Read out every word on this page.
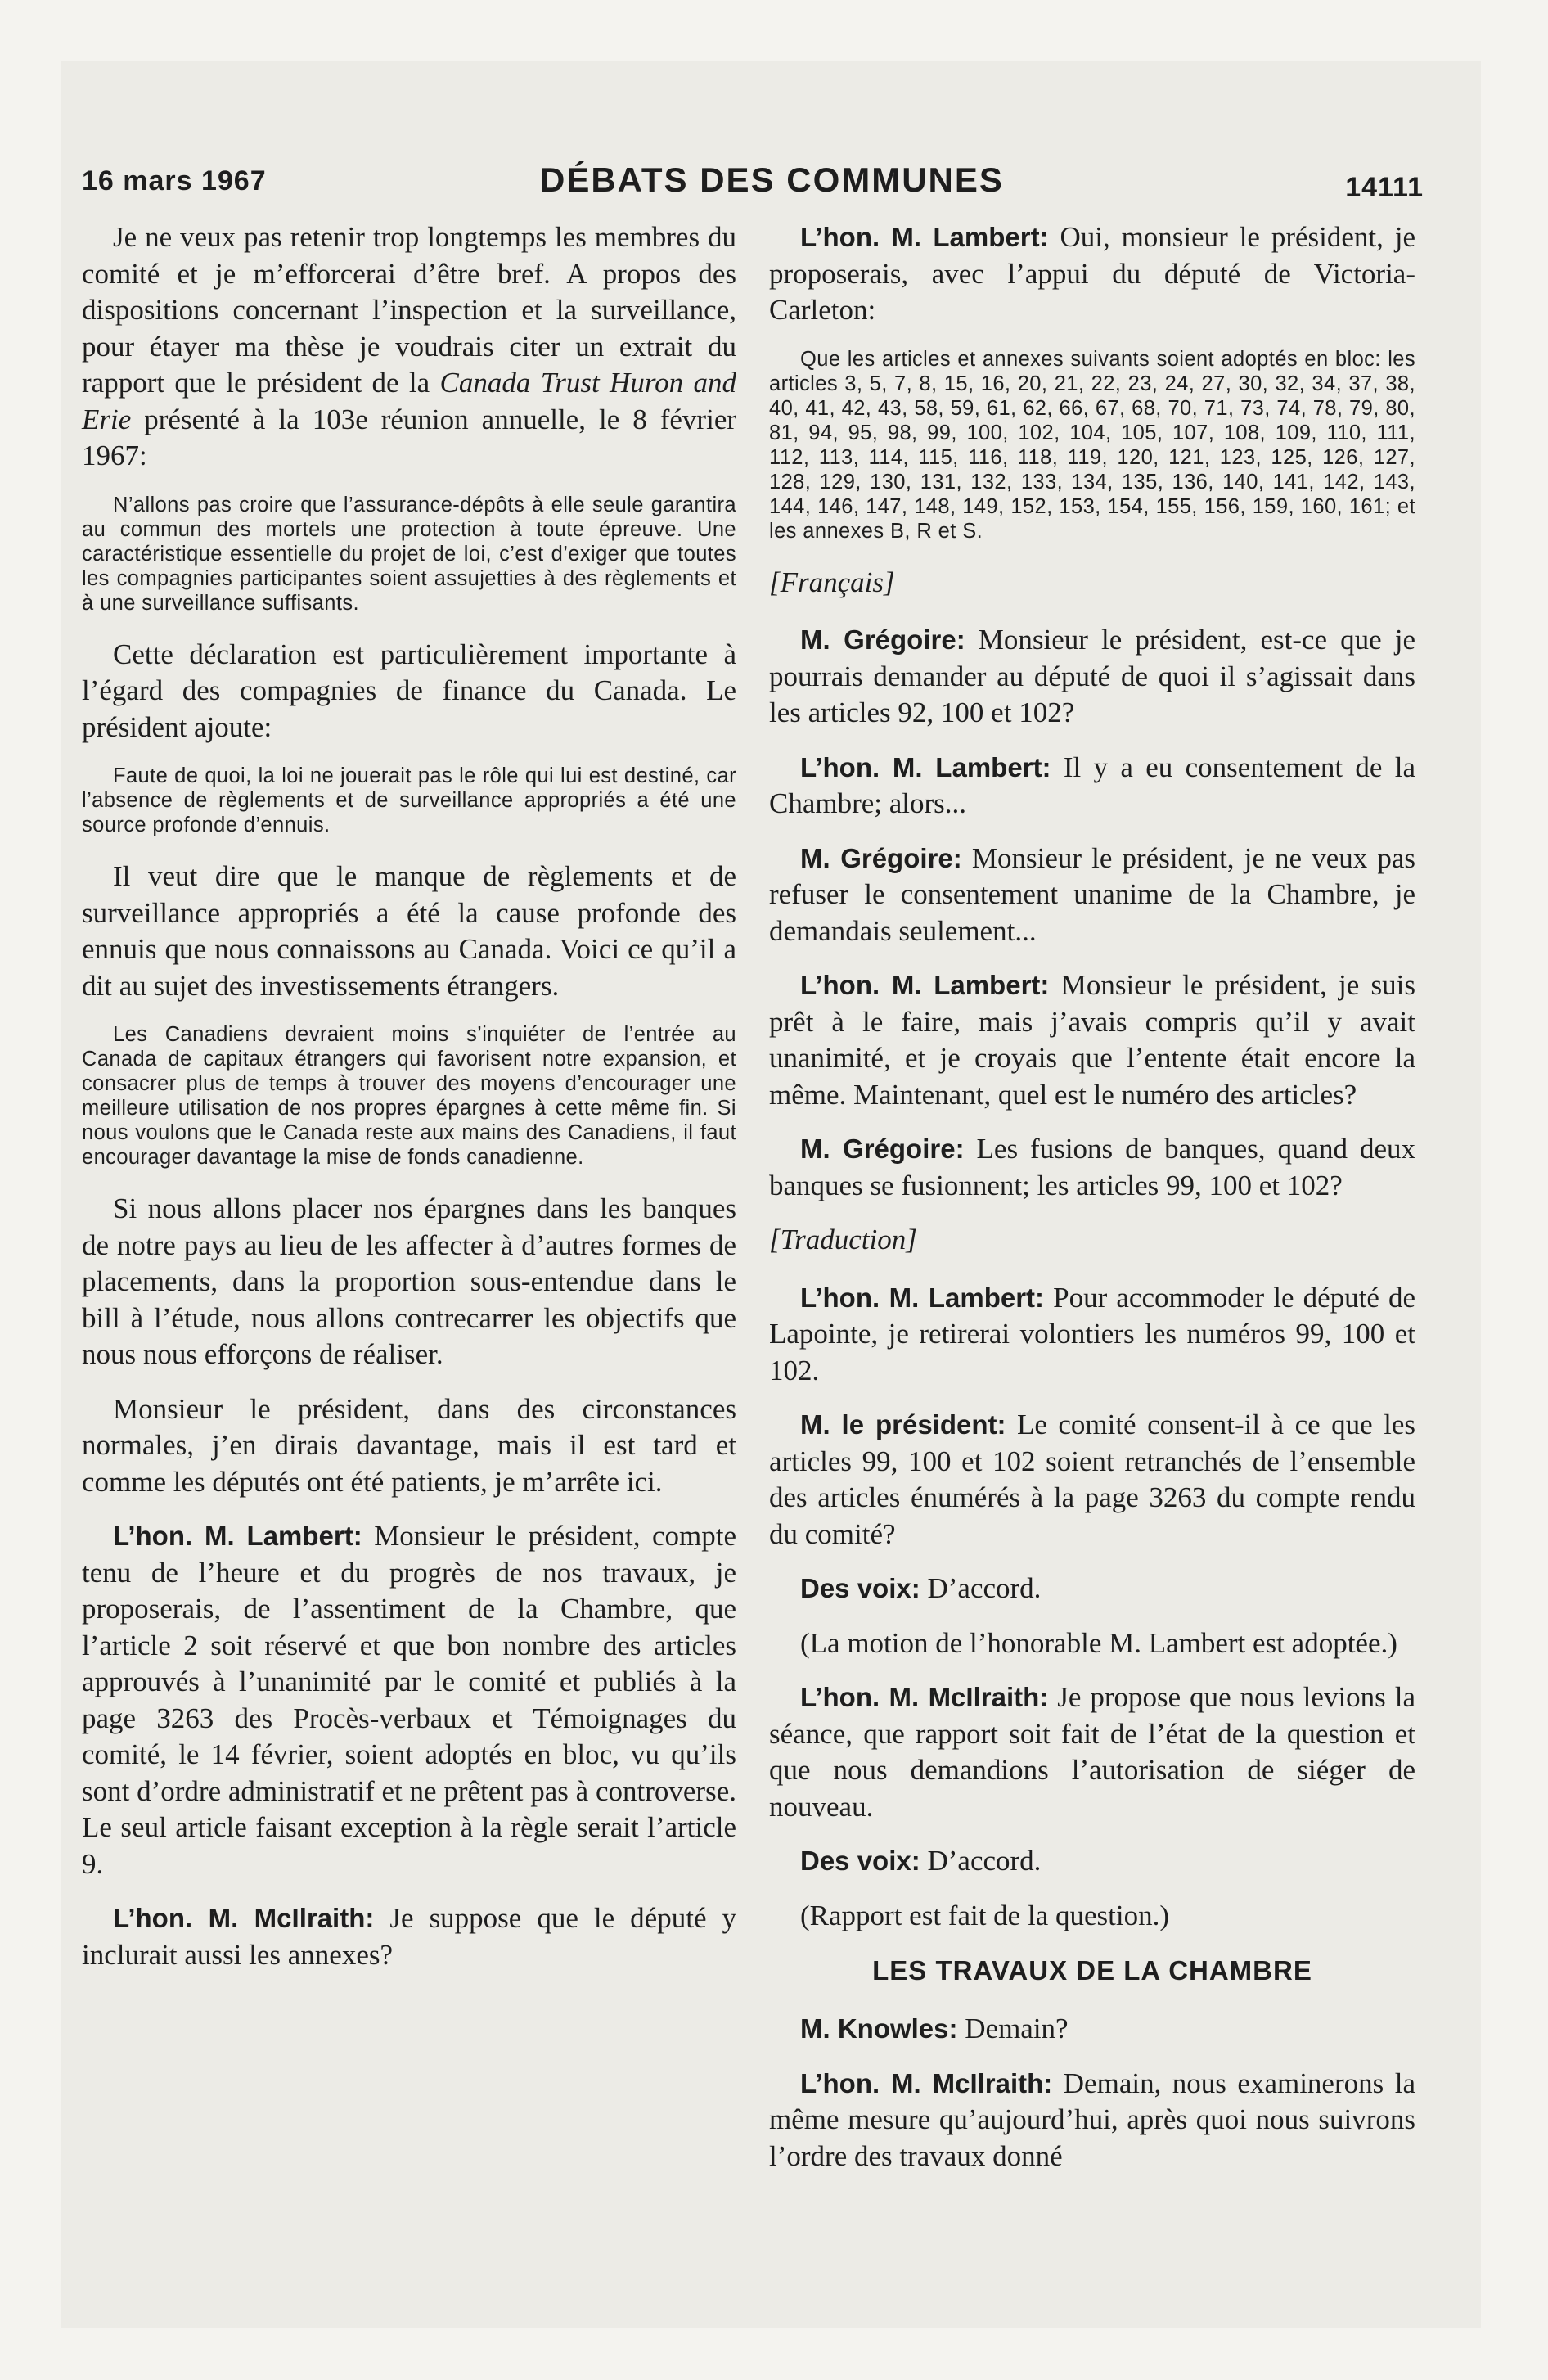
16 mars 1967	DÉBATS DES COMMUNES	14111

Je ne veux pas retenir trop longtemps les membres du comité et je m’efforcerai d’être bref. A propos des dispositions concernant l’inspection et la surveillance, pour étayer ma thèse je voudrais citer un extrait du rapport que le président de la Canada Trust Huron and Erie présenté à la 103e réunion annuelle, le 8 février 1967:

N’allons pas croire que l’assurance-dépôts à elle seule garantira au commun des mortels une protection à toute épreuve. Une caractéristique essentielle du projet de loi, c’est d’exiger que toutes les compagnies participantes soient assujetties à des règlements et à une surveillance suffisants.

Cette déclaration est particulièrement importante à l’égard des compagnies de finance du Canada. Le président ajoute:

Faute de quoi, la loi ne jouerait pas le rôle qui lui est destiné, car l’absence de règlements et de surveillance appropriés a été une source profonde d’ennuis.

Il veut dire que le manque de règlements et de surveillance appropriés a été la cause profonde des ennuis que nous connaissons au Canada. Voici ce qu’il a dit au sujet des investissements étrangers.

Les Canadiens devraient moins s’inquiéter de l’entrée au Canada de capitaux étrangers qui favorisent notre expansion, et consacrer plus de temps à trouver des moyens d’encourager une meilleure utilisation de nos propres épargnes à cette même fin. Si nous voulons que le Canada reste aux mains des Canadiens, il faut encourager davantage la mise de fonds canadienne.

Si nous allons placer nos épargnes dans les banques de notre pays au lieu de les affecter à d’autres formes de placements, dans la proportion sous-entendue dans le bill à l’étude, nous allons contrecarrer les objectifs que nous nous efforçons de réaliser.

Monsieur le président, dans des circonstances normales, j’en dirais davantage, mais il est tard et comme les députés ont été patients, je m’arrête ici.

L’hon. M. Lambert: Monsieur le président, compte tenu de l’heure et du progrès de nos travaux, je proposerais, de l’assentiment de la Chambre, que l’article 2 soit réservé et que bon nombre des articles approuvés à l’unanimité par le comité et publiés à la page 3263 des Procès-verbaux et Témoignages du comité, le 14 février, soient adoptés en bloc, vu qu’ils sont d’ordre administratif et ne prêtent pas à controverse. Le seul article faisant exception à la règle serait l’article 9.

L’hon. M. McIlraith: Je suppose que le député y inclurait aussi les annexes?

L’hon. M. Lambert: Oui, monsieur le président, je proposerais, avec l’appui du député de Victoria-Carleton:

Que les articles et annexes suivants soient adoptés en bloc: les articles 3, 5, 7, 8, 15, 16, 20, 21, 22, 23, 24, 27, 30, 32, 34, 37, 38, 40, 41, 42, 43, 58, 59, 61, 62, 66, 67, 68, 70, 71, 73, 74, 78, 79, 80, 81, 94, 95, 98, 99, 100, 102, 104, 105, 107, 108, 109, 110, 111, 112, 113, 114, 115, 116, 118, 119, 120, 121, 123, 125, 126, 127, 128, 129, 130, 131, 132, 133, 134, 135, 136, 140, 141, 142, 143, 144, 146, 147, 148, 149, 152, 153, 154, 155, 156, 159, 160, 161; et les annexes B, R et S.

[Français]

M. Grégoire: Monsieur le président, est-ce que je pourrais demander au député de quoi il s’agissait dans les articles 92, 100 et 102?

L’hon. M. Lambert: Il y a eu consentement de la Chambre; alors...

M. Grégoire: Monsieur le président, je ne veux pas refuser le consentement unanime de la Chambre, je demandais seulement...

L’hon. M. Lambert: Monsieur le président, je suis prêt à le faire, mais j’avais compris qu’il y avait unanimité, et je croyais que l’entente était encore la même. Maintenant, quel est le numéro des articles?

M. Grégoire: Les fusions de banques, quand deux banques se fusionnent; les articles 99, 100 et 102?

[Traduction]

L’hon. M. Lambert: Pour accommoder le député de Lapointe, je retirerai volontiers les numéros 99, 100 et 102.

M. le président: Le comité consent-il à ce que les articles 99, 100 et 102 soient retranchés de l’ensemble des articles énumérés à la page 3263 du compte rendu du comité?

Des voix: D’accord.

(La motion de l’honorable M. Lambert est adoptée.)

L’hon. M. McIlraith: Je propose que nous levions la séance, que rapport soit fait de l’état de la question et que nous demandions l’autorisation de siéger de nouveau.

Des voix: D’accord.

(Rapport est fait de la question.)

LES TRAVAUX DE LA CHAMBRE

M. Knowles: Demain?

L’hon. M. McIlraith: Demain, nous examinerons la même mesure qu’aujourd’hui, après quoi nous suivrons l’ordre des travaux donné
